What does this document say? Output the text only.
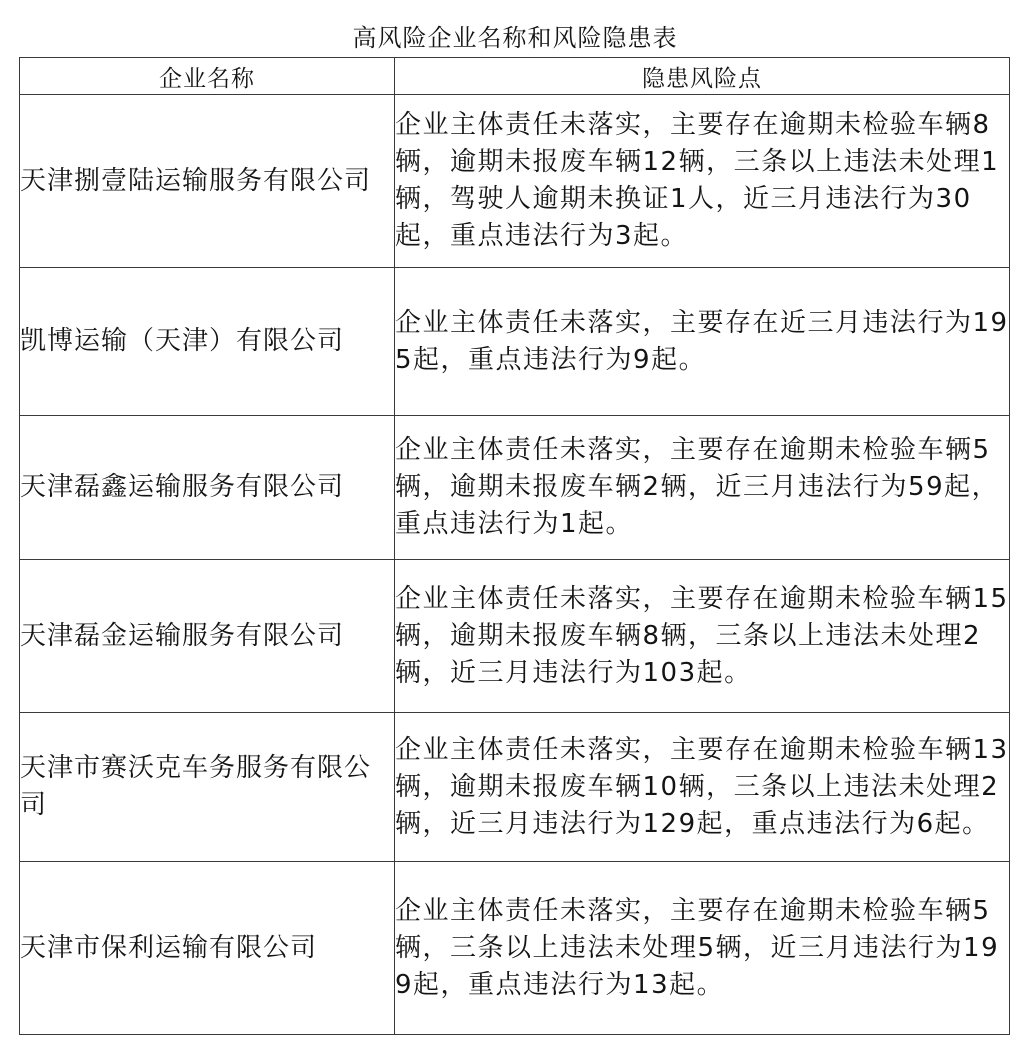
高风险企业名称和风险隐患表
企业名称	隐患风险点
天津捌壹陆运输服务有限公司	企业主体责任未落实，主要存在逾期未检验车辆8辆，逾期未报废车辆12辆，三条以上违法未处理1辆，驾驶人逾期未换证1人，近三月违法行为30起，重点违法行为3起。
凯博运输（天津）有限公司	企业主体责任未落实，主要存在近三月违法行为195起，重点违法行为9起。
天津磊鑫运输服务有限公司	企业主体责任未落实，主要存在逾期未检验车辆5辆，逾期未报废车辆2辆，近三月违法行为59起，重点违法行为1起。
天津磊金运输服务有限公司	企业主体责任未落实，主要存在逾期未检验车辆15辆，逾期未报废车辆8辆，三条以上违法未处理2辆，近三月违法行为103起。
天津市赛沃克车务服务有限公司	企业主体责任未落实，主要存在逾期未检验车辆13辆，逾期未报废车辆10辆，三条以上违法未处理2辆，近三月违法行为129起，重点违法行为6起。
天津市保利运输有限公司	企业主体责任未落实，主要存在逾期未检验车辆5辆，三条以上违法未处理5辆，近三月违法行为199起，重点违法行为13起。
